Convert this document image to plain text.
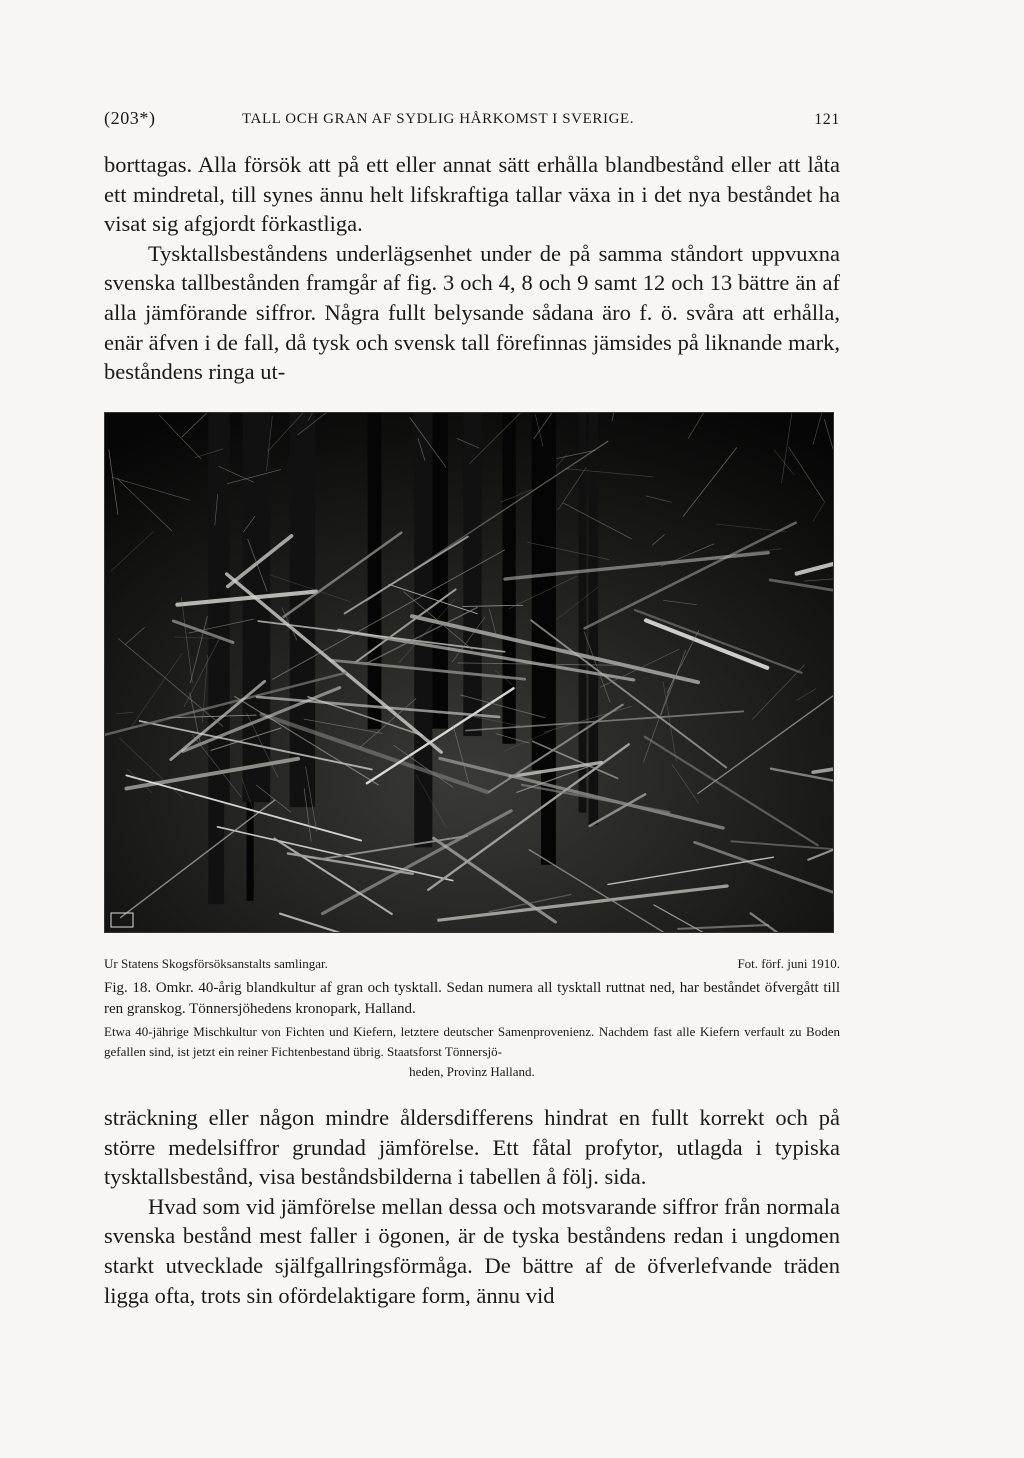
(203*)	TALL OCH GRAN AF SYDLIG HÅRKOMST I SVERIGE.	121

borttagas. Alla försök att på ett eller annat sätt erhålla blandbestånd eller att låta ett mindretal, till synes ännu helt lifskraftiga tallar växa in i det nya beståndet ha visat sig afgjordt förkastliga.

Tysktallsbeståndens underlägsenhet under de på samma ståndort uppvuxna svenska tallbestånden framgår af fig. 3 och 4, 8 och 9 samt 12 och 13 bättre än af alla jämförande siffror. Några fullt belysande sådana äro f. ö. svåra att erhålla, enär äfven i de fall, då tysk och svensk tall förefinnas jämsides på liknande mark, beståndens ringa ut-

Ur Statens Skogsförsöksanstalts samlingar.	Fot. förf. juni 1910.

Fig. 18. Omkr. 40-årig blandkultur af gran och tysktall. Sedan numera all tysktall ruttnat ned, har beståndet öfvergått till ren granskog. Tönnersjöhedens kronopark, Halland.

Etwa 40-jährige Mischkultur von Fichten und Kiefern, letztere deutscher Samenprovenienz. Nachdem fast alle Kiefern verfault zu Boden gefallen sind, ist jetzt ein reiner Fichtenbestand übrig. Staatsforst Tönnersjö-

heden, Provinz Halland.

sträckning eller någon mindre åldersdifferens hindrat en fullt korrekt och på större medelsiffror grundad jämförelse. Ett fåtal profytor, utlagda i typiska tysktallsbestånd, visa beståndsbilderna i tabellen å följ. sida.

Hvad som vid jämförelse mellan dessa och motsvarande siffror från normala svenska bestånd mest faller i ögonen, är de tyska beståndens redan i ungdomen starkt utvecklade själfgallringsförmåga. De bättre af de öfverlefvande träden ligga ofta, trots sin ofördelaktigare form, ännu vid
